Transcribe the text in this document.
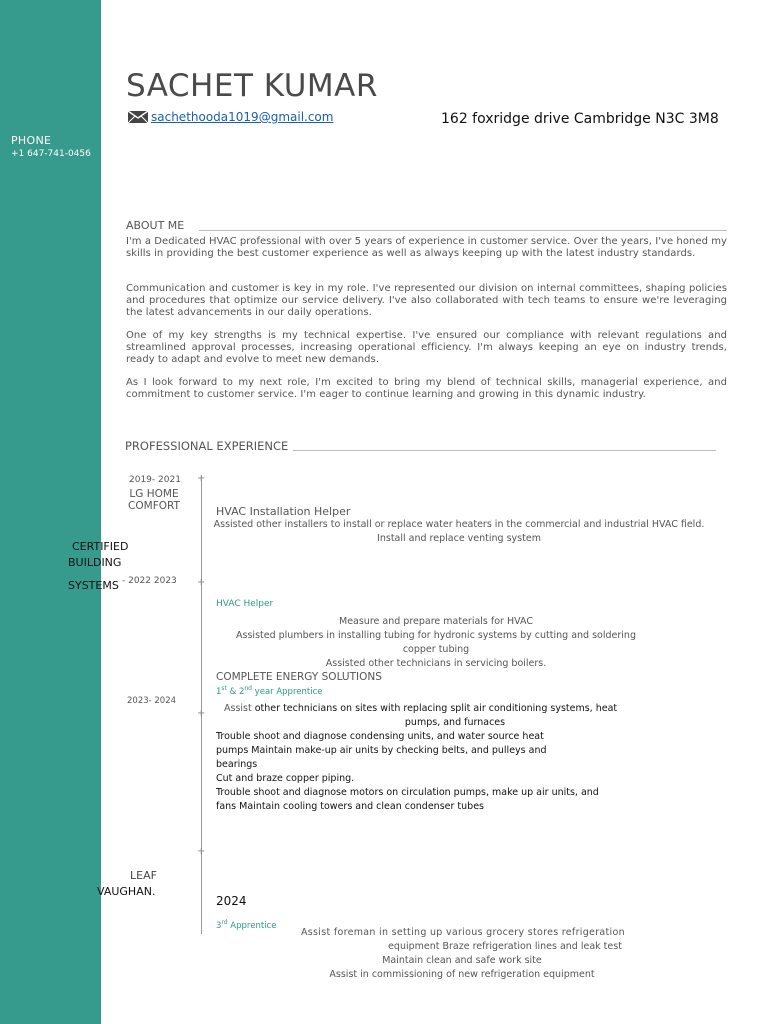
PHONE
+1 647-741-0456
SACHET KUMAR
sachethooda1019@gmail.com	162 foxridge drive Cambridge N3C 3M8
ABOUT ME
I'm a Dedicated HVAC professional with over 5 years of experience in customer service. Over the years, I've honed my skills in providing the best customer experience as well as always keeping up with the latest industry standards.
Communication and customer is key in my role. I've represented our division on internal committees, shaping policies and procedures that optimize our service delivery. I've also collaborated with tech teams to ensure we're leveraging the latest advancements in our daily operations.
One of my key strengths is my technical expertise. I've ensured our compliance with relevant regulations and streamlined approval processes, increasing operational efficiency. I'm always keeping an eye on industry trends, ready to adapt and evolve to meet new demands.
As I look forward to my next role, I'm excited to bring my blend of technical skills, managerial experience, and commitment to customer service. I'm eager to continue learning and growing in this dynamic industry.
PROFESSIONAL EXPERIENCE
+
+
+
+
2019- 2021
LG HOME COMFORT	HVAC Installation Helper
Assisted other installers to install or replace water heaters in the commercial and industrial HVAC field.
Install and replace venting system
CERTIFIED
BUILDING
SYSTEMS - 2022 2023
HVAC Helper
Measure and prepare materials for HVAC
Assisted plumbers in installing tubing for hydronic systems by cutting and soldering
copper tubing
Assisted other technicians in servicing boilers.
COMPLETE ENERGY SOLUTIONS
1st & 2nd year Apprentice
2023- 2024
Assist other technicians on sites with replacing split air conditioning systems, heat
pumps, and furnaces
Trouble shoot and diagnose condensing units, and water source heat
pumps Maintain make-up air units by checking belts, and pulleys and
bearings
Cut and braze copper piping.
Trouble shoot and diagnose motors on circulation pumps, make up air units, and
fans Maintain cooling towers and clean condenser tubes
LEAF
VAUGHAN.
2024
3rd Apprentice
Assist foreman in setting up various grocery stores refrigeration
equipment Braze refrigeration lines and leak test
Maintain clean and safe work site
Assist in commissioning of new refrigeration equipment
